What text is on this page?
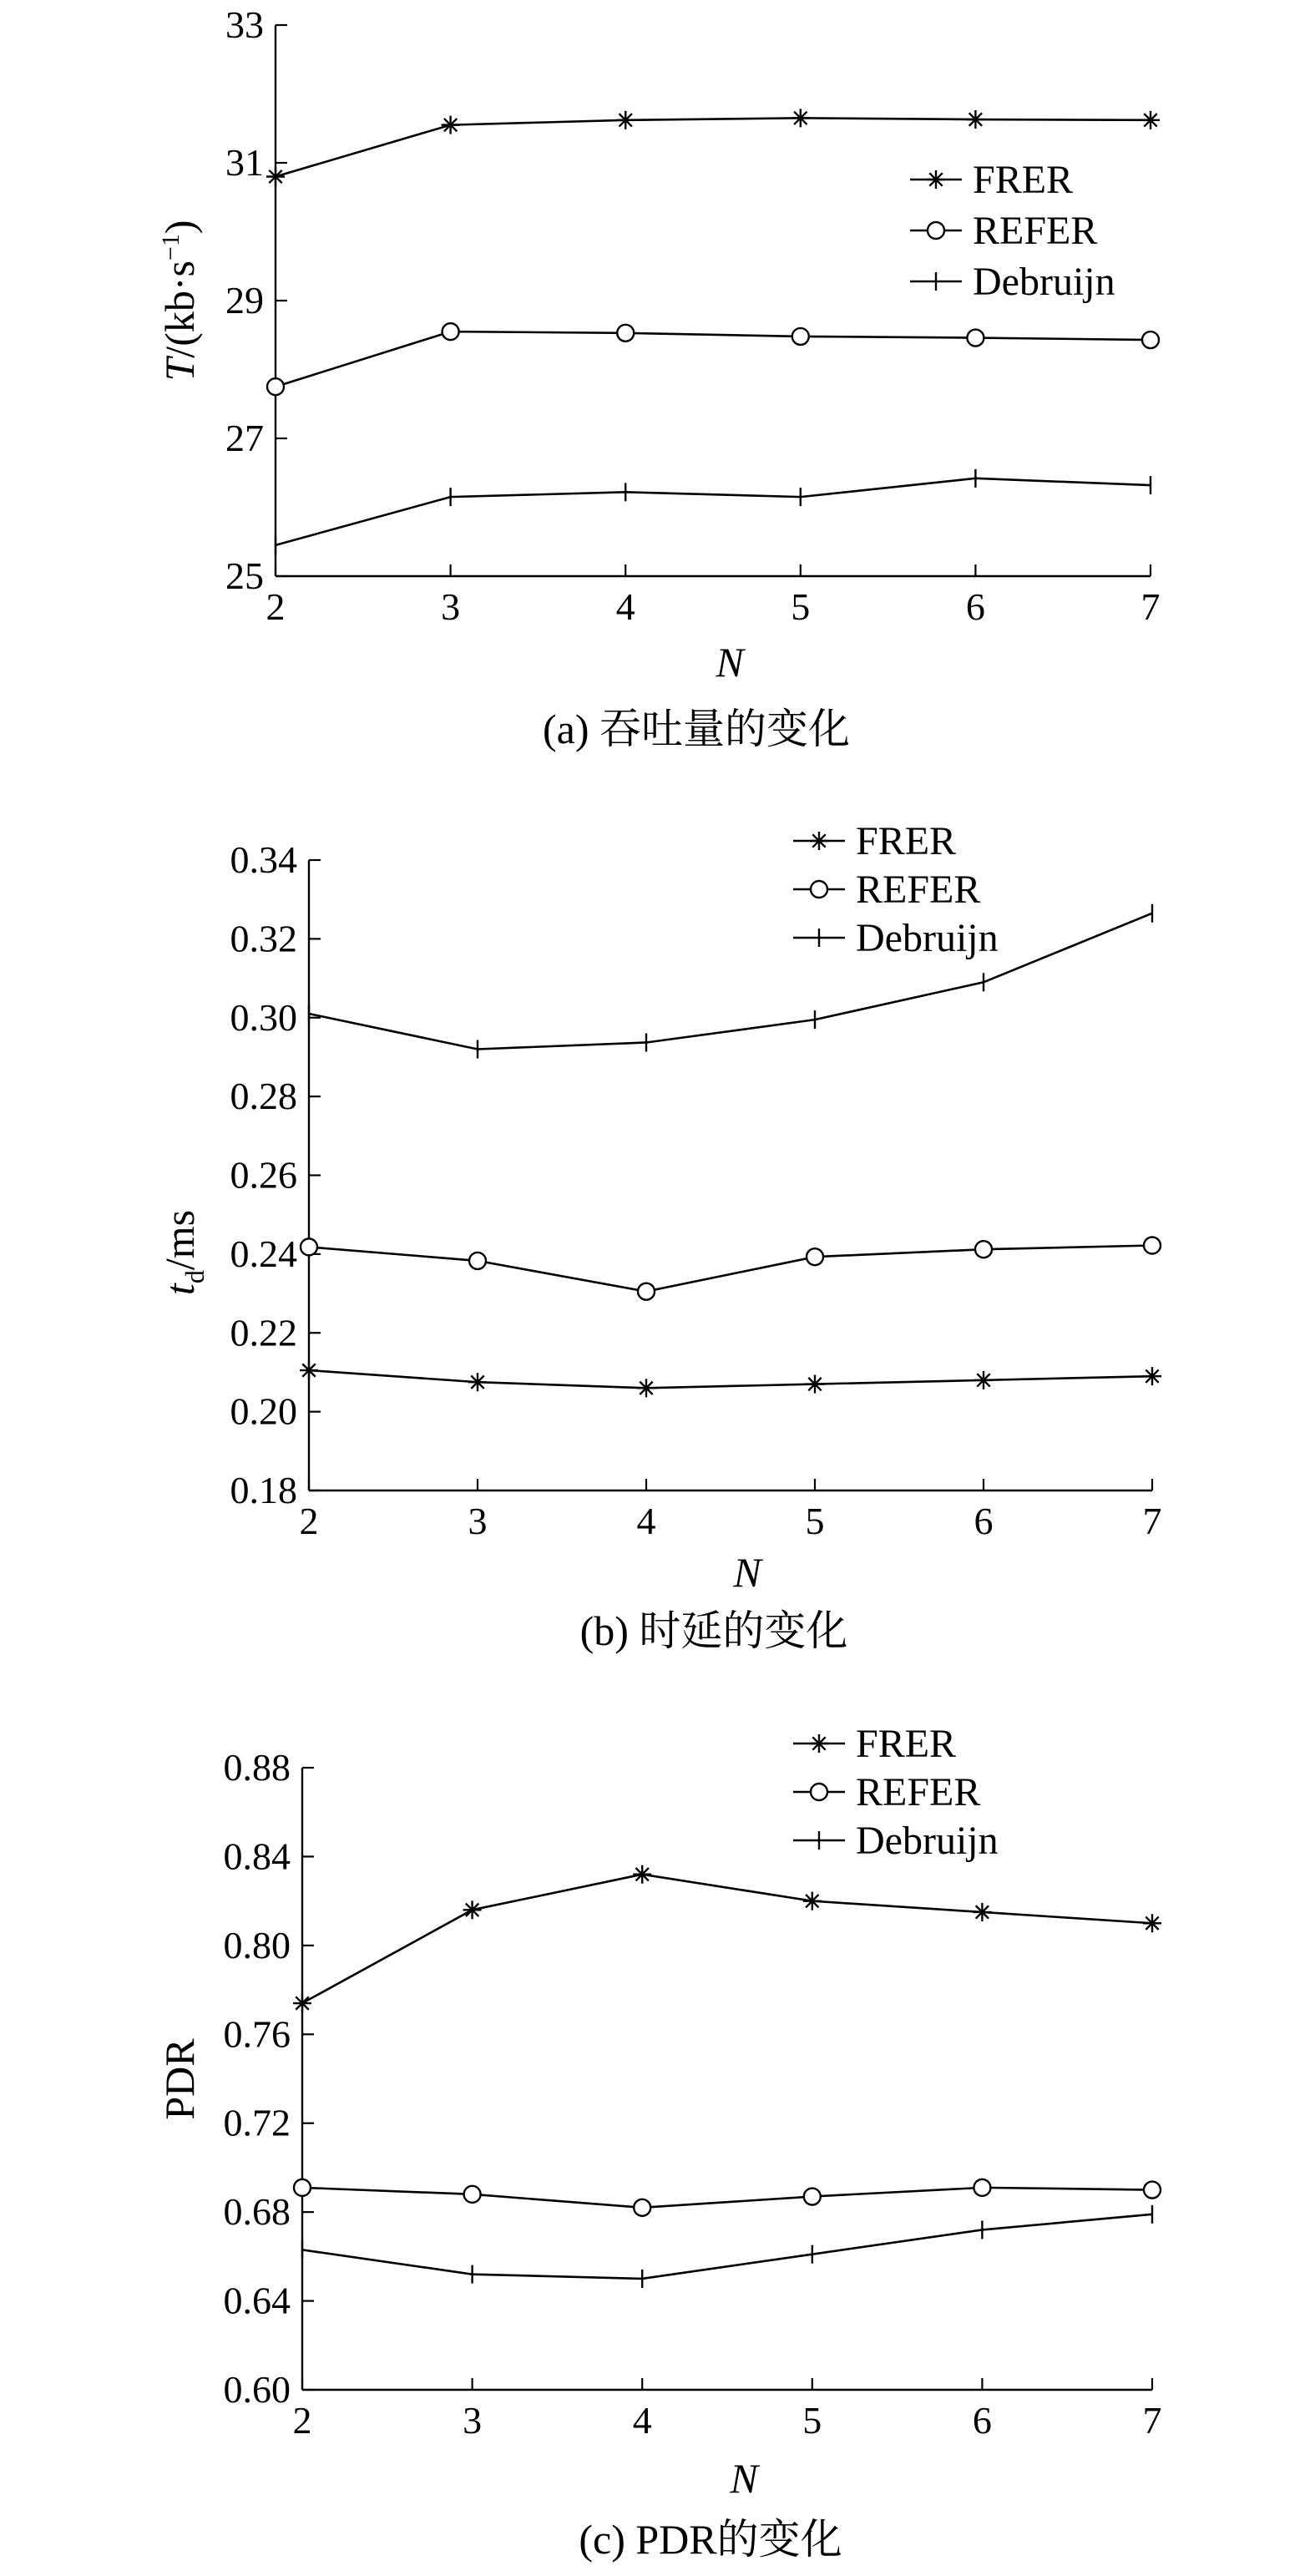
25
27
29
31
33
2	3	4	5	6	7
N
$T/(kb\cdot s^{-1})$
FRER
REFER
Debruijn
(a) 吞吐量的变化
0.18
0.20
0.22
0.24
0.26
0.28
0.30
0.32
0.34
2	3	4	5	6	7
N
$t_d/ms$
FRER
REFER
Debruijn
(b) 时延的变化
0.60
0.64
0.68
0.72
0.76
0.80
0.84
0.88
2	3	4	5	6	7
N
PDR
FRER
REFER
Debruijn
(c) PDR的变化
